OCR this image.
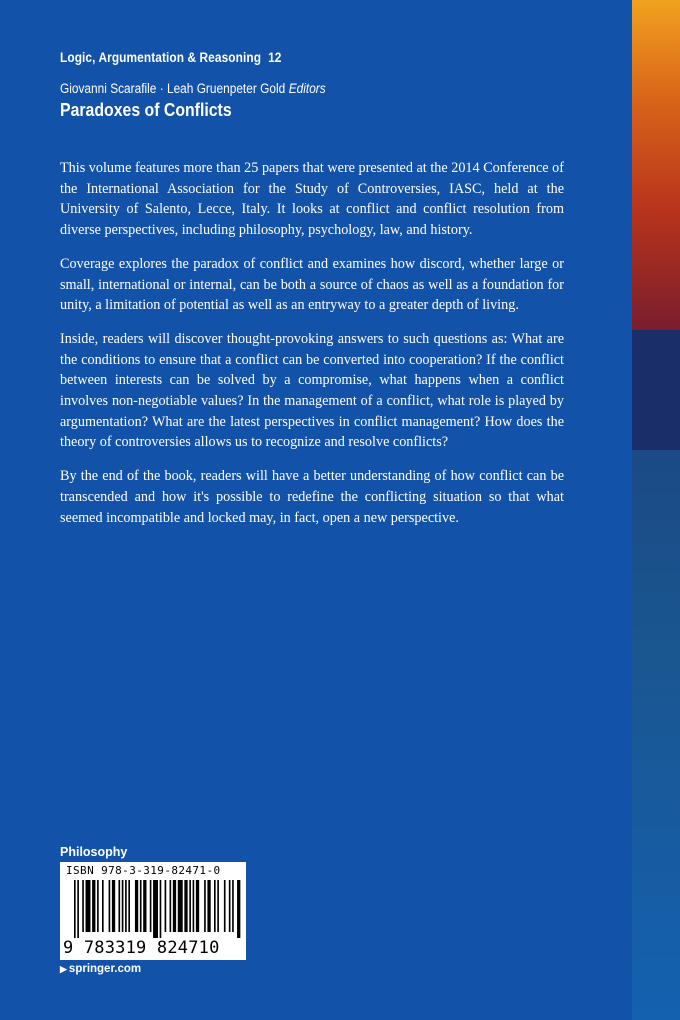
Logic, Argumentation & Reasoning 12
Giovanni Scarafile · Leah Gruenpeter Gold Editors
Paradoxes of Conflicts

This volume features more than 25 papers that were presented at the 2014 Conference of the International Association for the Study of Controversies, IASC, held at the University of Salento, Lecce, Italy. It looks at conflict and conflict resolution from diverse perspectives, including philosophy, psychology, law, and history.

Coverage explores the paradox of conflict and examines how discord, whether large or small, international or internal, can be both a source of chaos as well as a foundation for unity, a limitation of potential as well as an entryway to a greater depth of living.

Inside, readers will discover thought-provoking answers to such questions as: What are the conditions to ensure that a conflict can be converted into cooperation? If the conflict between interests can be solved by a compromise, what happens when a conflict involves non-negotiable values? In the management of a conflict, what role is played by argumentation? What are the latest perspectives in conflict management? How does the theory of controversies allows us to recognize and resolve conflicts?

By the end of the book, readers will have a better understanding of how conflict can be transcended and how it's possible to redefine the conflicting situation so that what seemed incompatible and locked may, in fact, open a new perspective.

Philosophy
ISBN 978-3-319-82471-0
9 783319 824710
▶ springer.com
